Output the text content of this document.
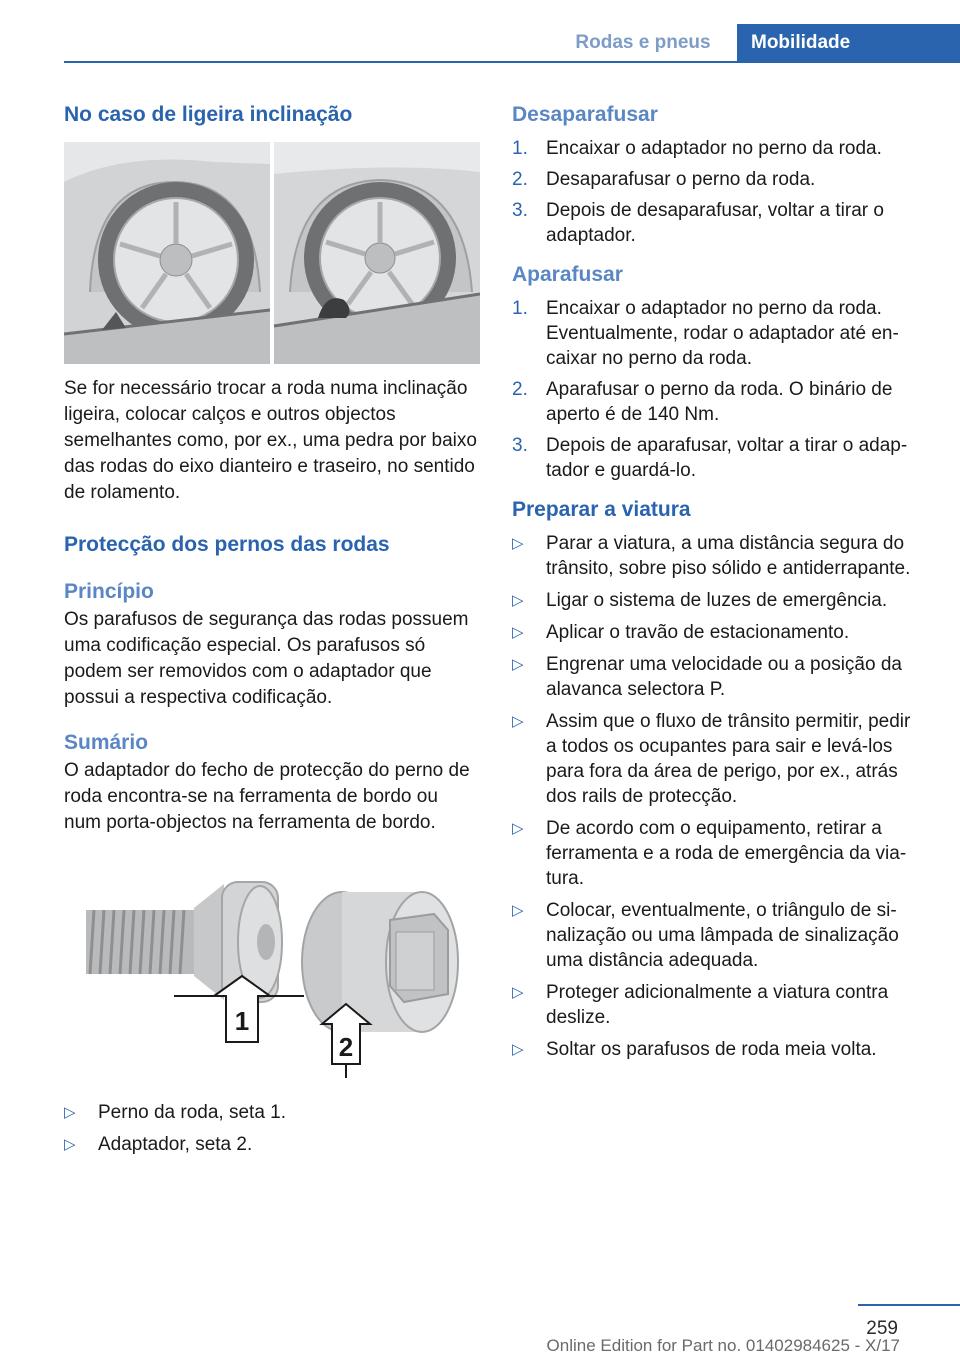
Rodas e pneus	Mobilidade
No caso de ligeira inclinação

Se for necessário trocar a roda numa inclinação ligeira, colocar calços e outros objectos semelhantes como, por ex., uma pedra por baixo das rodas do eixo dianteiro e traseiro, no sentido de rolamento.

Protecção dos pernos das rodas
Princípio

Os parafusos de segurança das rodas possuem uma codificação especial. Os parafusos só podem ser removidos com o adaptador que possui a respectiva codificação.

Sumário

O adaptador do fecho de protecção do perno de roda encontra-se na ferramenta de bordo ou num porta-objectos na ferramenta de bordo.

1
2
▷ Perno da roda, seta 1.
▷ Adaptador, seta 2.
Desaparafusar
1. Encaixar o adaptador no perno da roda.
2. Desaparafusar o perno da roda.
3. Depois de desaparafusar, voltar a tirar o adaptador.
Aparafusar
1. Encaixar o adaptador no perno da roda. Eventualmente, rodar o adaptador até encaixar no perno da roda.
2. Aparafusar o perno da roda. O binário de aperto é de 140 Nm.
3. Depois de aparafusar, voltar a tirar o adaptador e guardá-lo.
Preparar a viatura
▷ Parar a viatura, a uma distância segura do trânsito, sobre piso sólido e antiderrapante.
▷ Ligar o sistema de luzes de emergência.
▷ Aplicar o travão de estacionamento.
▷ Engrenar uma velocidade ou a posição da alavanca selectora P.
▷ Assim que o fluxo de trânsito permitir, pedir a todos os ocupantes para sair e levá-los para fora da área de perigo, por ex., atrás dos rails de protecção.
▷ De acordo com o equipamento, retirar a ferramenta e a roda de emergência da viatura.
▷ Colocar, eventualmente, o triângulo de sinalização ou uma lâmpada de sinalização uma distância adequada.
▷ Proteger adicionalmente a viatura contra deslize.
▷ Soltar os parafusos de roda meia volta.
259
Online Edition for Part no. 01402984625 - X/17
